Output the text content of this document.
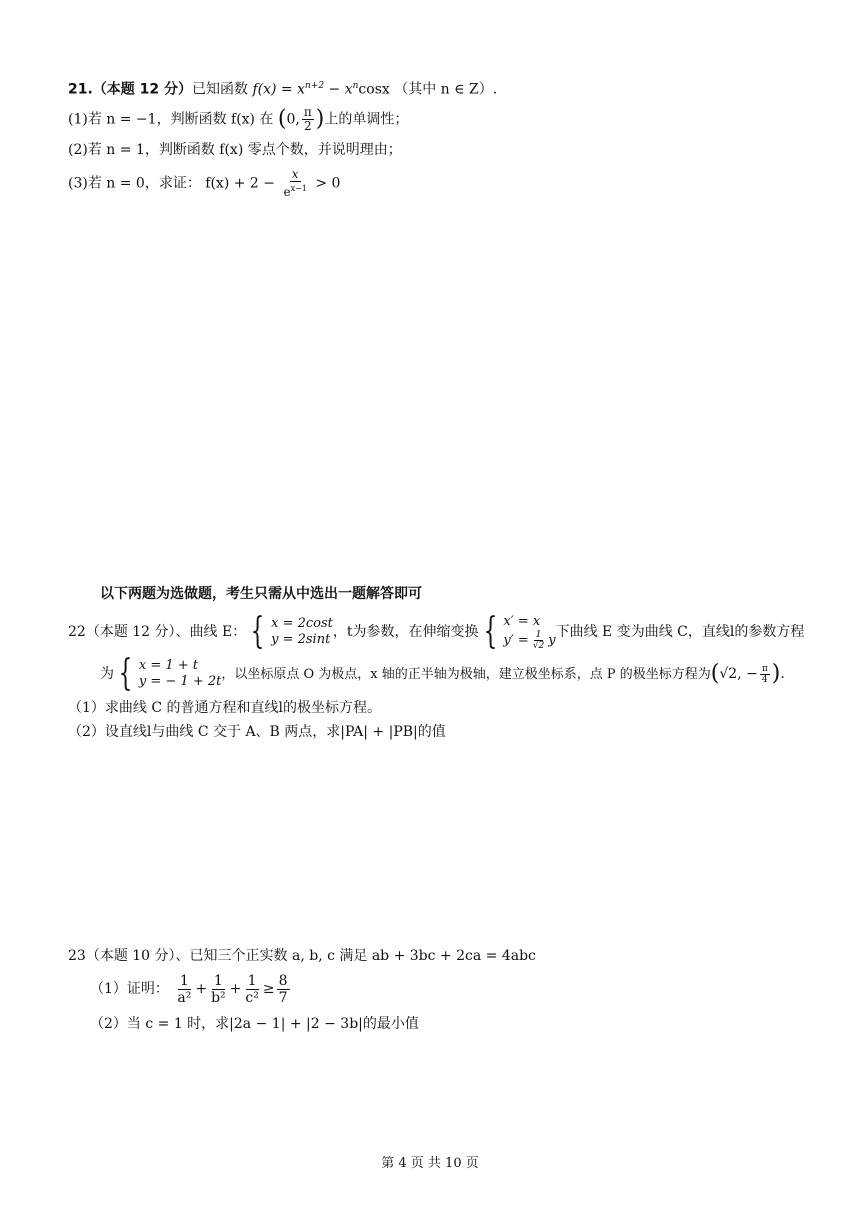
21.（本题 12 分）已知函数 $f(x) = x^{n+2} - x^n\cos x$ （其中 n ∈ Z）.
(1)若 n = −1，判断函数 f(x) 在 (0, $\frac{\pi}{2}$ )上的单调性；
(2)若 n = 1，判断函数 f(x) 零点个数，并说明理由；
(3)若 n = 0，求证： $f(x) + 2 - \frac{x}{e^{x-1}} > 0$
以下两题为选做题，考生只需从中选出一题解答即可
22（本题 12 分）、曲线 E： { x = 2cost
y = 2sint ，t为参数，在伸缩变换 { x′ = x
$y' = \frac{1}{√2}$ y 下曲线 E 变为曲线 C，直线l的参数方程
为 { x = 1 + t
y = − 1 + 2t ，以坐标原点 O 为极点，x 轴的正半轴为极轴，建立极坐标系，点 P 的极坐标方程为(√2, − $\frac{\pi}{4}$ ).
（1）求曲线 C 的普通方程和直线l的极坐标方程。
（2）设直线l与曲线 C 交于 A、B 两点，求|PA| + |PB|的值
23（本题 10 分）、已知三个正实数 a, b, c 满足 ab + 3bc + 2ca = 4abc
（1）证明： $\frac{1}{\text{a²}} + \frac{1}{\text{b²}} + \frac{1}{\text{c²}} \ge \frac{8}{7}$
（2）当 c = 1 时，求|2a − 1| + |2 − 3b|的最小值
第 4 页 共 10 页
